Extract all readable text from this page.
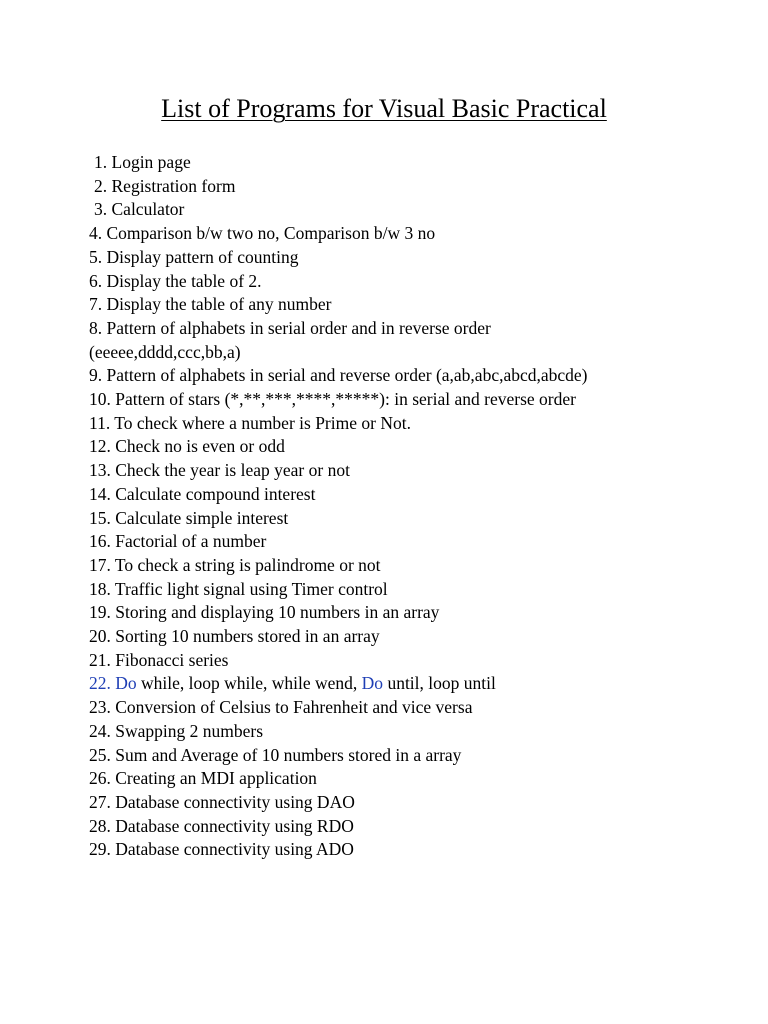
List of Programs for Visual Basic Practical
1. Login page
2. Registration form
3. Calculator
4. Comparison b/w two no, Comparison b/w 3 no
5. Display pattern of counting
6. Display the table of 2.
7. Display the table of any number
8. Pattern of alphabets in serial order and in reverse order
(eeeee,dddd,ccc,bb,a)
9. Pattern of alphabets in serial and reverse order (a,ab,abc,abcd,abcde)
10. Pattern of stars (*,**,***,****,*****): in serial and reverse order
11. To check where a number is Prime or Not.
12. Check no is even or odd
13. Check the year is leap year or not
14. Calculate compound interest
15. Calculate simple interest
16. Factorial of a number
17. To check a string is palindrome or not
18. Traffic light signal using Timer control
19. Storing and displaying 10 numbers in an array
20. Sorting 10 numbers stored in an array
21. Fibonacci series
22. Do while, loop while, while wend, Do until, loop until
23. Conversion of Celsius to Fahrenheit and vice versa
24. Swapping 2 numbers
25. Sum and Average of 10 numbers stored in a array
26. Creating an MDI application
27. Database connectivity using DAO
28. Database connectivity using RDO
29. Database connectivity using ADO
